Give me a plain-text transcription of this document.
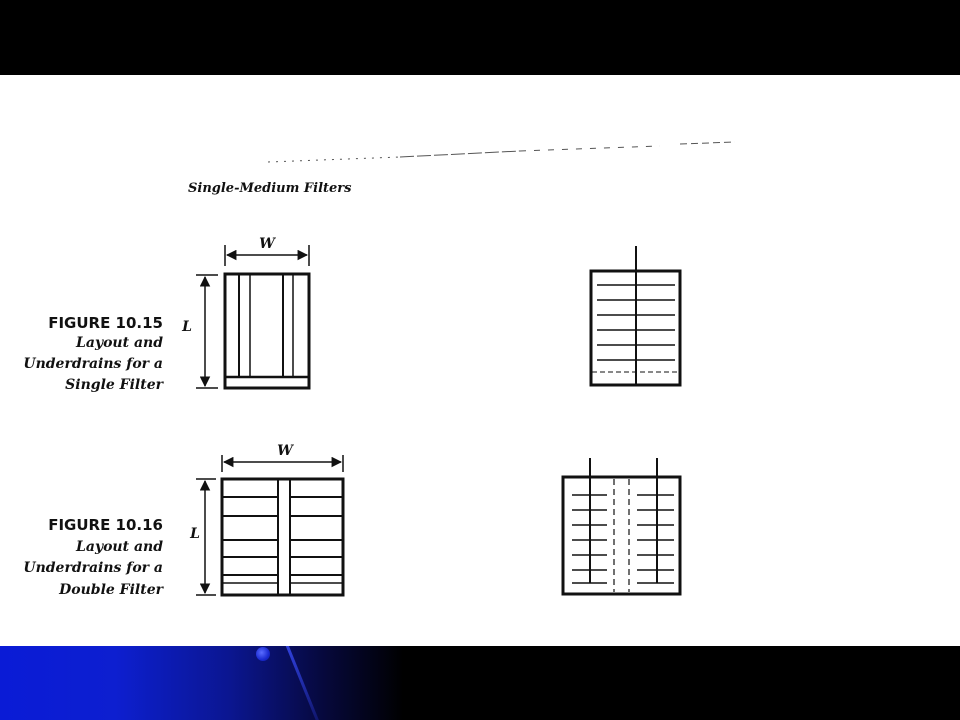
Single-Medium Filters
FIGURE 10.15
Layout and
Underdrains for a
Single Filter
W
L
FIGURE 10.16
Layout and
Underdrains for a
Double Filter
W
L
